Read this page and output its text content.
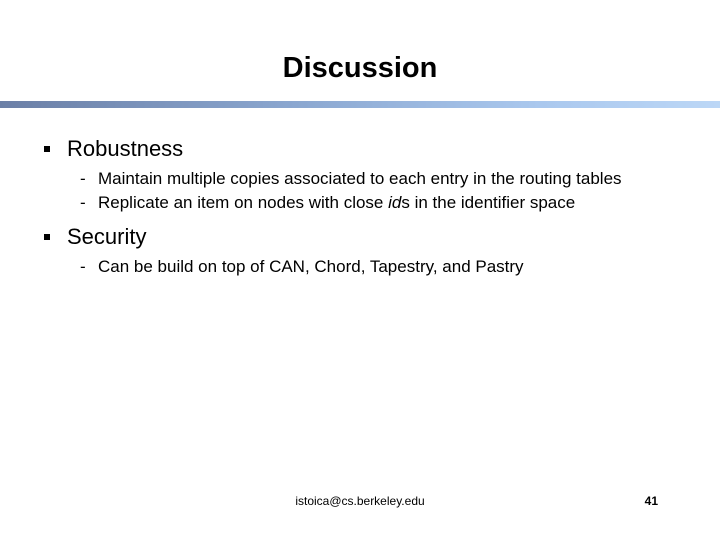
Discussion
Robustness
- Maintain multiple copies associated to each entry in the routing tables
- Replicate an item on nodes with close ids in the identifier space
Security
- Can be build on top of CAN, Chord, Tapestry, and Pastry
istoica@cs.berkeley.edu	41
